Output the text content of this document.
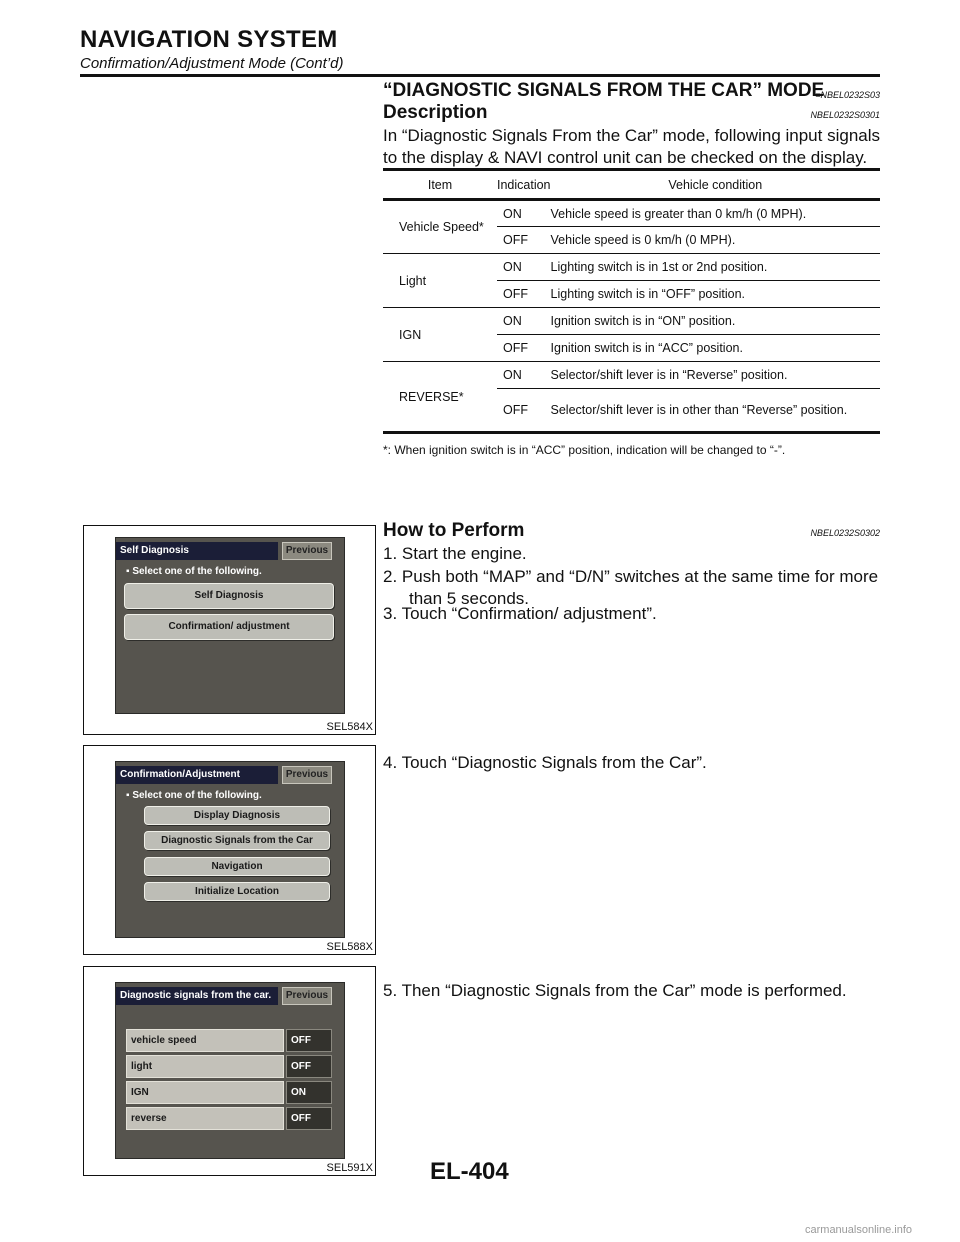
NAVIGATION SYSTEM
Confirmation/Adjustment Mode (Cont’d)
“DIAGNOSTIC SIGNALS FROM THE CAR” MODE
=NBEL0232S03
Description	NBEL0232S0301
In “Diagnostic Signals From the Car” mode, following input signals to the display & NAVI control unit can be checked on the display.
Item	Indication	Vehicle condition
Vehicle Speed*	ON	Vehicle speed is greater than 0 km/h (0 MPH).
	OFF	Vehicle speed is 0 km/h (0 MPH).
Light	ON	Lighting switch is in 1st or 2nd position.
	OFF	Lighting switch is in “OFF” position.
IGN	ON	Ignition switch is in “ON” position.
	OFF	Ignition switch is in “ACC” position.
REVERSE*	ON	Selector/shift lever is in “Reverse” position.
	OFF	Selector/shift lever is in other than “Reverse” position.
*: When ignition switch is in “ACC” position, indication will be changed to “-”.
How to Perform	NBEL0232S0302
1. Start the engine.
2. Push both “MAP” and “D/N” switches at the same time for more than 5 seconds.
3. Touch “Confirmation/ adjustment”.
4. Touch “Diagnostic Signals from the Car”.
5. Then “Diagnostic Signals from the Car” mode is performed.
Self Diagnosis	Previous
▪ Select one of the following.
Self Diagnosis
Confirmation/ adjustment
SEL584X
Confirmation/Adjustment	Previous
▪ Select one of the following.
Display Diagnosis
Diagnostic Signals from the Car
Navigation
Initialize Location
SEL588X
Diagnostic signals from the car.	Previous
vehicle speed	OFF
light	OFF
IGN	ON
reverse	OFF
SEL591X EL-404
carmanualsonline.info
